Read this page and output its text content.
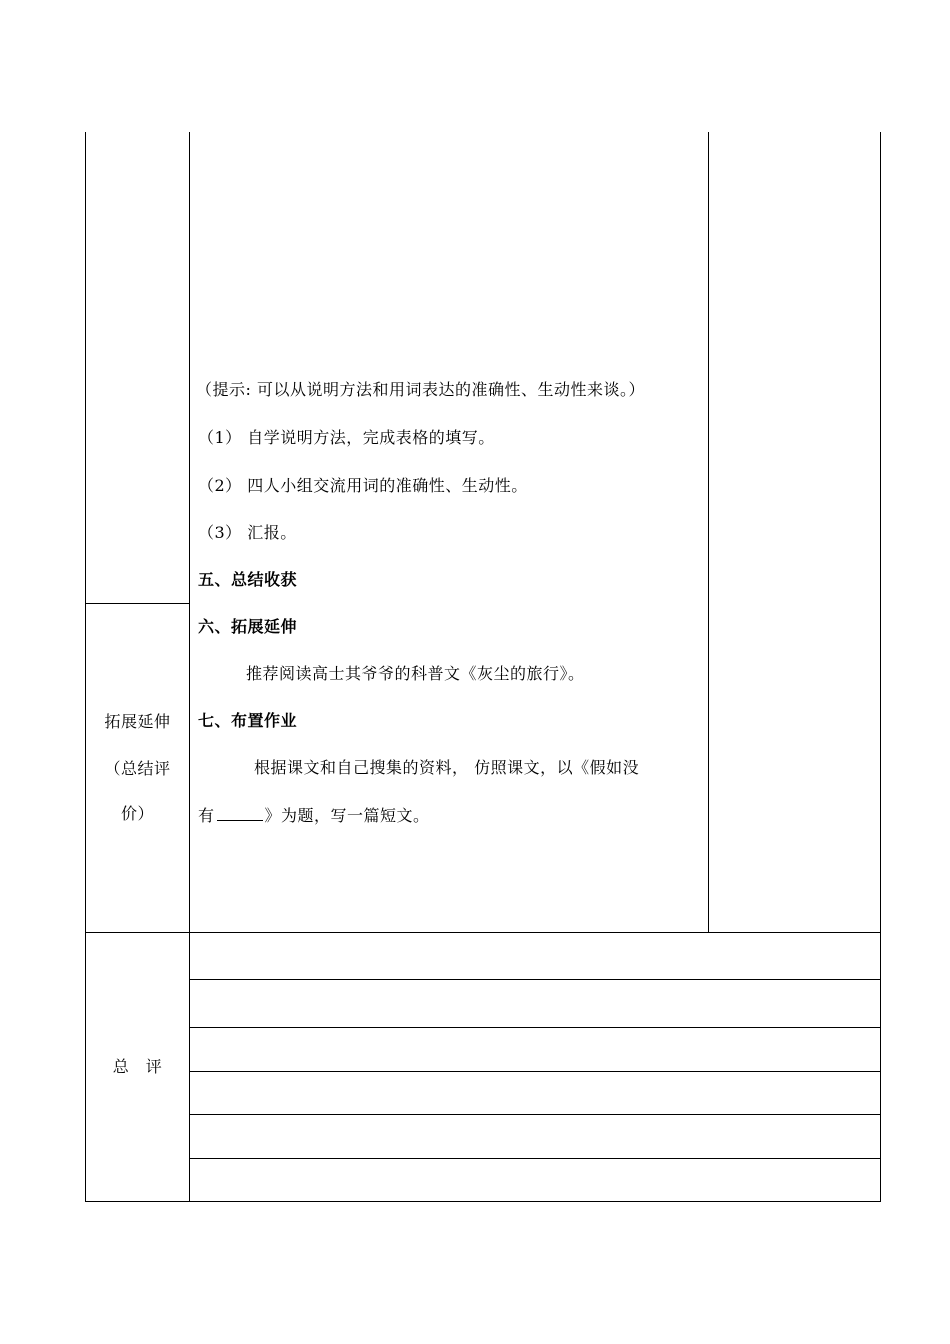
（提示: 可以从说明方法和用词表达的准确性、生动性来谈。）
（1） 自学说明方法，完成表格的填写。
（2） 四人小组交流用词的准确性、生动性。
（3） 汇报。
五、总结收获
六、拓展延伸
推荐阅读高士其爷爷的科普文《灰尘的旅行》。
七、布置作业
根据课文和自己搜集的资料， 仿照课文，以《假如没
有	》为题，写一篇短文。
拓展延伸
（总结评
价）
总　评
